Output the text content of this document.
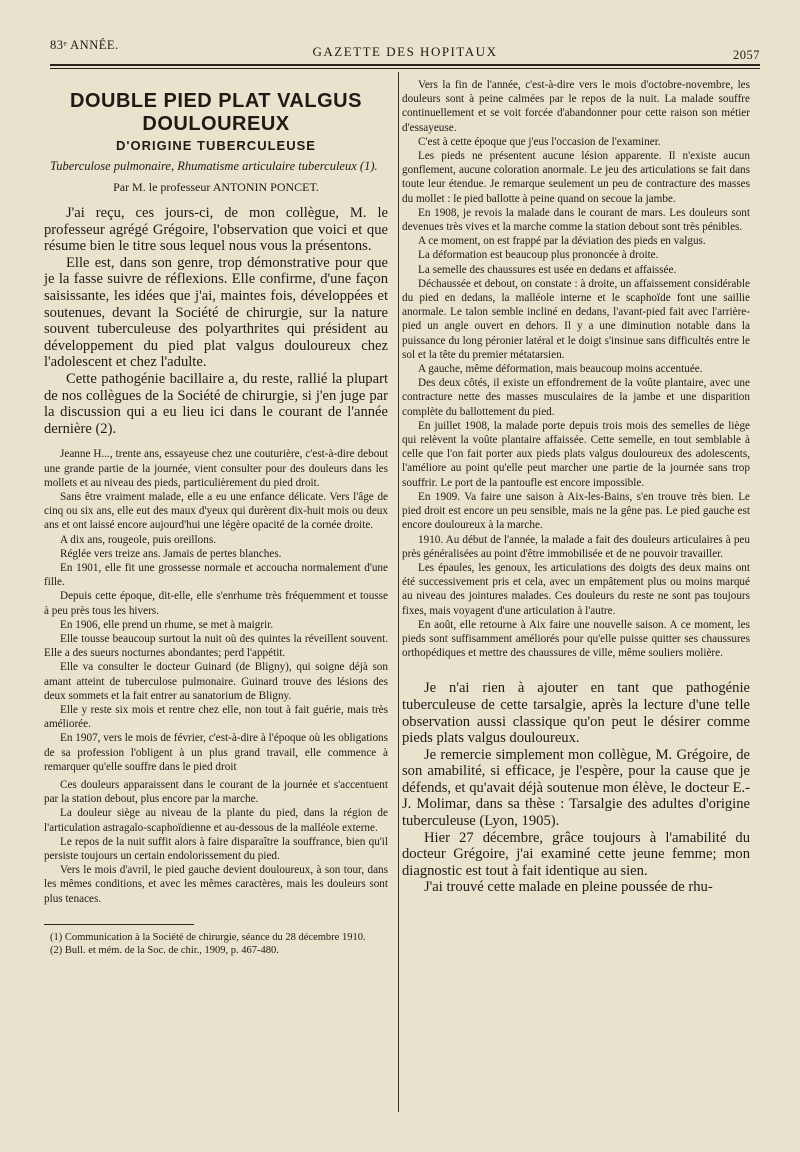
83ᵉ ANNÉE.	GAZETTE DES HOPITAUX	2057
DOUBLE PIED PLAT VALGUS DOULOUREUX
D'ORIGINE TUBERCULEUSE
Tuberculose pulmonaire, Rhumatisme articulaire tuberculeux (1).
Par M. le professeur ANTONIN PONCET.

J'ai reçu, ces jours-ci, de mon collègue, M. le professeur agrégé Grégoire, l'observation que voici et que résume bien le titre sous lequel nous vous la présentons.

Elle est, dans son genre, trop démonstrative pour que je la fasse suivre de réflexions. Elle confirme, d'une façon saisissante, les idées que j'ai, maintes fois, développées et soutenues, devant la Société de chirurgie, sur la nature souvent tuberculeuse des polyarthrites qui président au développement du pied plat valgus douloureux chez l'adolescent et chez l'adulte.

Cette pathogénie bacillaire a, du reste, rallié la plupart de nos collègues de la Société de chirurgie, si j'en juge par la discussion qui a eu lieu ici dans le courant de l'année dernière (2).

Jeanne H..., trente ans, essayeuse chez une couturière, c'est-à-dire debout une grande partie de la journée, vient consulter pour des douleurs dans les mollets et au niveau des pieds, particulièrement du pied droit.

Sans être vraiment malade, elle a eu une enfance délicate. Vers l'âge de cinq ou six ans, elle eut des maux d'yeux qui durèrent dix-huit mois ou deux ans et ont laissé encore aujourd'hui une légère opacité de la cornée droite.

A dix ans, rougeole, puis oreillons.

Réglée vers treize ans. Jamais de pertes blanches.

En 1901, elle fit une grossesse normale et accoucha normalement d'une fille.

Depuis cette époque, dit-elle, elle s'enrhume très fréquemment et tousse à peu près tous les hivers.

En 1906, elle prend un rhume, se met à maigrir.

Elle tousse beaucoup surtout la nuit où des quintes la réveillent souvent. Elle a des sueurs nocturnes abondantes; perd l'appétit.

Elle va consulter le docteur Guinard (de Bligny), qui soigne déjà son amant atteint de tuberculose pulmonaire. Guinard trouve des lésions des deux sommets et la fait entrer au sanatorium de Bligny.

Elle y reste six mois et rentre chez elle, non tout à fait guérie, mais très améliorée.

En 1907, vers le mois de février, c'est-à-dire à l'époque où les obligations de sa profession l'obligent à un plus grand travail, elle commence à remarquer qu'elle souffre dans le pied droit

Ces douleurs apparaissent dans le courant de la journée et s'accentuent par la station debout, plus encore par la marche.

La douleur siège au niveau de la plante du pied, dans la région de l'articulation astragalo-scaphoïdienne et au-dessous de la malléole externe.

Le repos de la nuit suffit alors à faire disparaître la souffrance, bien qu'il persiste toujours un certain endolorissement du pied.

Vers le mois d'avril, le pied gauche devient douloureux, à son tour, dans les mêmes conditions, et avec les mêmes caractères, mais les douleurs sont plus tenaces.

(1) Communication à la Société de chirurgie, séance du 28 décembre 1910.

(2) Bull. et mém. de la Soc. de chir., 1909, p. 467-480.

Vers la fin de l'année, c'est-à-dire vers le mois d'octobre-novembre, les douleurs sont à peine calmées par le repos de la nuit. La malade souffre continuellement et se voit forcée d'abandonner pour cette raison son métier d'essayeuse.

C'est à cette époque que j'eus l'occasion de l'examiner.

Les pieds ne présentent aucune lésion apparente. Il n'existe aucun gonflement, aucune coloration anormale. Le jeu des articulations se fait dans toute leur étendue. Je remarque seulement un peu de contracture des masses du mollet : le pied ballotte à peine quand on secoue la jambe.

En 1908, je revois la malade dans le courant de mars. Les douleurs sont devenues très vives et la marche comme la station debout sont très pénibles.

A ce moment, on est frappé par la déviation des pieds en valgus.

La déformation est beaucoup plus prononcée à droite.

La semelle des chaussures est usée en dedans et affaissée.

Déchaussée et debout, on constate : à droite, un affaissement considérable du pied en dedans, la malléole interne et le scaphoïde font une saillie anormale. Le talon semble incliné en dedans, l'avant-pied fait avec l'arrière-pied un angle ouvert en dehors. Il y a une diminution notable dans la puissance du long péronier latéral et le doigt s'insinue sans difficultés entre le sol et la tête du premier métatarsien.

A gauche, même déformation, mais beaucoup moins accentuée.

Des deux côtés, il existe un effondrement de la voûte plantaire, avec une contracture nette des masses musculaires de la jambe et une disparition complète du ballottement du pied.

En juillet 1908, la malade porte depuis trois mois des semelles de liège qui relèvent la voûte plantaire affaissée. Cette semelle, en tout semblable à celle que l'on fait porter aux pieds plats valgus douloureux des adolescents, l'améliore au point qu'elle peut marcher une partie de la journée sans trop souffrir. Le port de la pantoufle est encore impossible.

En 1909. Va faire une saison à Aix-les-Bains, s'en trouve très bien. Le pied droit est encore un peu sensible, mais ne la gêne pas. Le pied gauche est encore douloureux à la marche.

1910. Au début de l'année, la malade a fait des douleurs articulaires à peu près généralisées au point d'être immobilisée et de ne pouvoir travailler.

Les épaules, les genoux, les articulations des doigts des deux mains ont été successivement pris et cela, avec un empâtement plus ou moins marqué au niveau des jointures malades. Ces douleurs du reste ne sont pas toujours fixes, mais voyagent d'une articulation à l'autre.

En août, elle retourne à Aix faire une nouvelle saison. A ce moment, les pieds sont suffisamment améliorés pour qu'elle puisse quitter ses chaussures orthopédiques et mettre des chaussures de ville, même souliers molière.

Je n'ai rien à ajouter en tant que pathogénie tuberculeuse de cette tarsalgie, après la lecture d'une telle observation aussi classique qu'on peut le désirer comme pieds plats valgus douloureux.

Je remercie simplement mon collègue, M. Grégoire, de son amabilité, si efficace, je l'espère, pour la cause que je défends, et qu'avait déjà soutenue mon élève, le docteur E.-J. Molimar, dans sa thèse : Tarsalgie des adultes d'origine tuberculeuse (Lyon, 1905).

Hier 27 décembre, grâce toujours à l'amabilité du docteur Grégoire, j'ai examiné cette jeune femme; mon diagnostic est tout à fait identique au sien.

J'ai trouvé cette malade en pleine poussée de rhu-
